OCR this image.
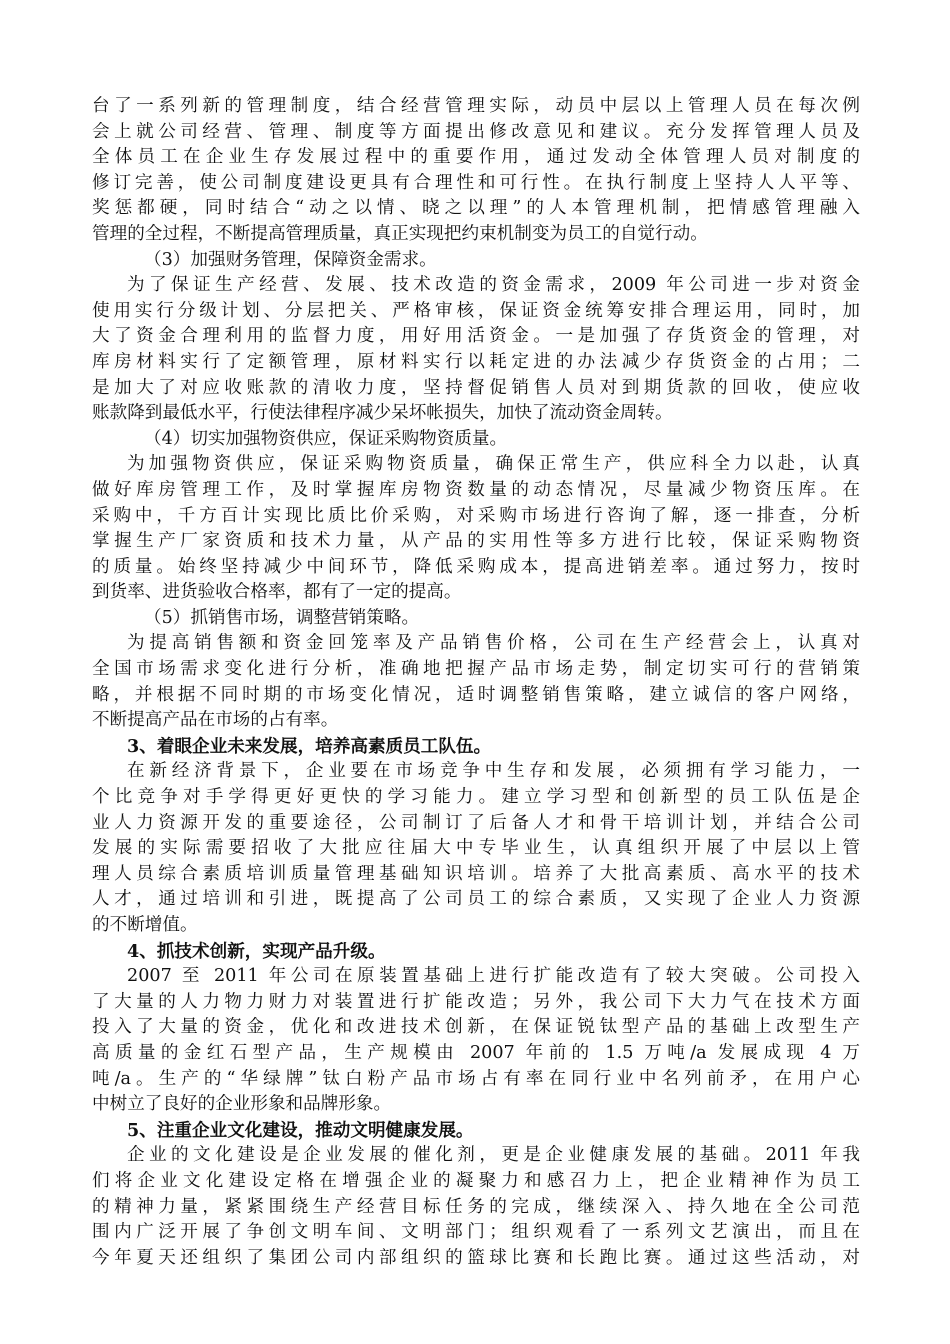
台了一系列新的管理制度，结合经营管理实际，动员中层以上管理人员在每次例
会上就公司经营、管理、制度等方面提出修改意见和建议。充分发挥管理人员及
全体员工在企业生存发展过程中的重要作用，通过发动全体管理人员对制度的
修订完善，使公司制度建设更具有合理性和可行性。在执行制度上坚持人人平等、
奖惩都硬，同时结合“动之以情、晓之以理”的人本管理机制，把情感管理融入
管理的全过程，不断提高管理质量，真正实现把约束机制变为员工的自觉行动。
（3）加强财务管理，保障资金需求。
为了保证生产经营、发展、技术改造的资金需求，2009 年公司进一步对资金
使用实行分级计划、分层把关、严格审核，保证资金统筹安排合理运用，同时，加
大了资金合理利用的监督力度，用好用活资金。一是加强了存货资金的管理，对
库房材料实行了定额管理，原材料实行以耗定进的办法减少存货资金的占用；二
是加大了对应收账款的清收力度，坚持督促销售人员对到期货款的回收，使应收
账款降到最低水平，行使法律程序减少呆坏帐损失，加快了流动资金周转。
（4）切实加强物资供应，保证采购物资质量。
为加强物资供应，保证采购物资质量，确保正常生产，供应科全力以赴，认真
做好库房管理工作，及时掌握库房物资数量的动态情况，尽量减少物资压库。在
采购中，千方百计实现比质比价采购，对采购市场进行咨询了解，逐一排查，分析
掌握生产厂家资质和技术力量，从产品的实用性等多方进行比较，保证采购物资
的质量。始终坚持减少中间环节，降低采购成本，提高进销差率。通过努力，按时
到货率、进货验收合格率，都有了一定的提高。
（5）抓销售市场，调整营销策略。
为提高销售额和资金回笼率及产品销售价格，公司在生产经营会上，认真对
全国市场需求变化进行分析，准确地把握产品市场走势，制定切实可行的营销策
略，并根据不同时期的市场变化情况，适时调整销售策略，建立诚信的客户网络，
不断提高产品在市场的占有率。
3、着眼企业未来发展，培养高素质员工队伍。
在新经济背景下，企业要在市场竞争中生存和发展，必须拥有学习能力，一
个比竞争对手学得更好更快的学习能力。建立学习型和创新型的员工队伍是企
业人力资源开发的重要途径，公司制订了后备人才和骨干培训计划，并结合公司
发展的实际需要招收了大批应往届大中专毕业生，认真组织开展了中层以上管
理人员综合素质培训质量管理基础知识培训。培养了大批高素质、高水平的技术
人才，通过培训和引进，既提高了公司员工的综合素质，又实现了企业人力资源
的不断增值。
4、抓技术创新，实现产品升级。
2007 至 2011 年公司在原装置基础上进行扩能改造有了较大突破。公司投入
了大量的人力物力财力对装置进行扩能改造；另外，我公司下大力气在技术方面
投入了大量的资金，优化和改进技术创新，在保证锐钛型产品的基础上改型生产
高质量的金红石型产品，生产规模由 2007 年前的 1.5 万吨/a 发展成现 4 万
吨/a。生产的“华绿牌”钛白粉产品市场占有率在同行业中名列前矛，在用户心
中树立了良好的企业形象和品牌形象。
5、注重企业文化建设，推动文明健康发展。
企业的文化建设是企业发展的催化剂，更是企业健康发展的基础。2011 年我
们将企业文化建设定格在增强企业的凝聚力和感召力上，把企业精神作为员工
的精神力量，紧紧围绕生产经营目标任务的完成，继续深入、持久地在全公司范
围内广泛开展了争创文明车间、文明部门；组织观看了一系列文艺演出，而且在
今年夏天还组织了集团公司内部组织的篮球比赛和长跑比赛。通过这些活动，对
